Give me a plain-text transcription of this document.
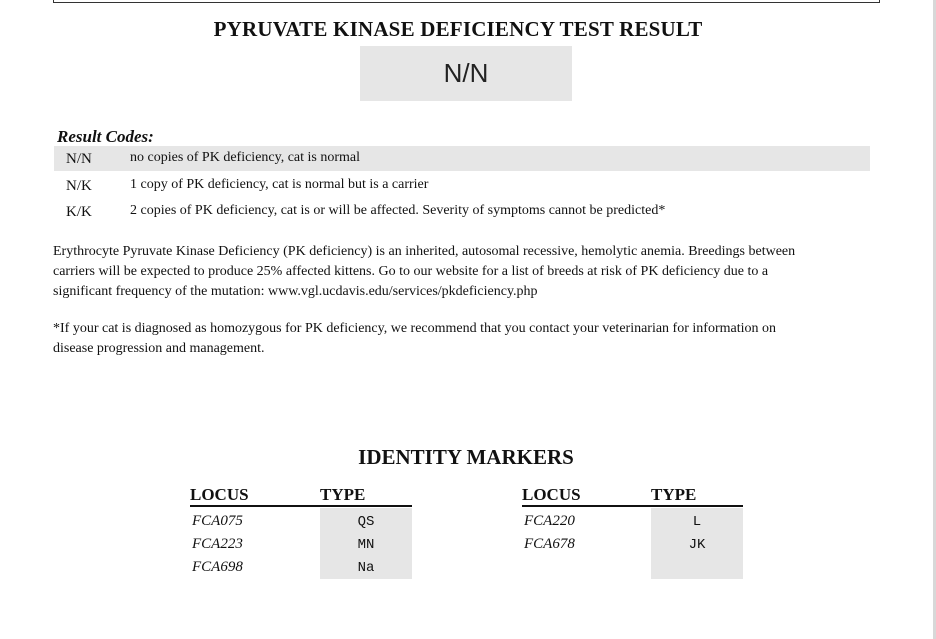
PYRUVATE KINASE DEFICIENCY TEST RESULT
N/N
Result Codes:
N/N	no copies of PK deficiency, cat is normal
N/K	1 copy of PK deficiency, cat is normal but is a carrier
K/K	2 copies of PK deficiency, cat is or will be affected. Severity of symptoms cannot be predicted*
Erythrocyte Pyruvate Kinase Deficiency (PK deficiency) is an inherited, autosomal recessive, hemolytic anemia. Breedings between
carriers will be expected to produce 25% affected kittens. Go to our website for a list of breeds at risk of PK deficiency due to a
significant frequency of the mutation: www.vgl.ucdavis.edu/services/pkdeficiency.php
*If your cat is diagnosed as homozygous for PK deficiency, we recommend that you contact your veterinarian for information on
disease progression and management.
IDENTITY MARKERS
LOCUS	TYPE
FCA075	QS
FCA223	MN
FCA698	Na
LOCUS	TYPE
FCA220	L
FCA678	JK
